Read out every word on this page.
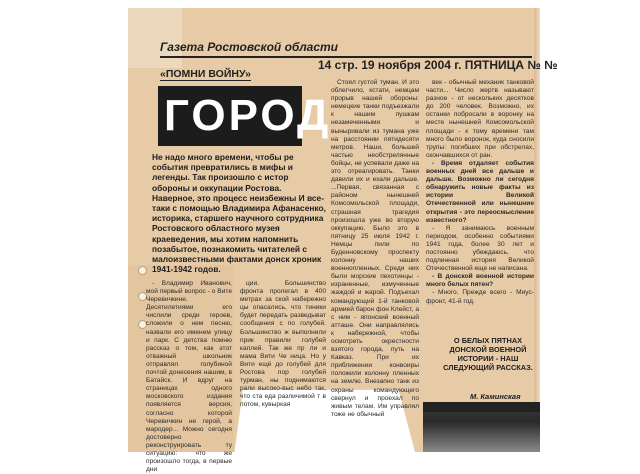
Газета Ростовской области
14 стр. 19 ноября 2004 г. ПЯТНИЦА № №
«ПОМНИ ВОЙНУ»
ГОРОД
Не надо много времени, чтобы ре события превратились в мифы и легенды. Так произошло с истор обороны и оккупации Ростова. Наверное, это процесс неизбежны И все-таки с помощью Владимира Афанасенко, историка, старшего научного сотрудника Ростовского областного музея краеведения, мы хотим напомнить позабытое, познакомить читателей с малоизвестными фактами донск хроник 1941-1942 годов.

- Владимир Иванович, мой первый вопрос - о Вите Черевичкине. Десятилетиями его числили среди героев, сложили о нем песню, назвали его именем улицу и парк. С детства помню рассказ о том, как этот отважный школьник отправлял голубиной почтой донесения нашим, в Батайск. И вдруг на страницах одного московского издания появляется версия, согласно которой Черевичкин не герой, а мародер... Можно сегодня достоверно реконструировать ту ситуацию: что же произошло тогда, в первые дни

ции. Большинство фронта пролегал в 400 метрах за ской набережно цы опасались, что тиники будет передать разведыват сообщения с по голубей. Большинство ж выполнили прик правили голубей каплей. Так же пр ли и мама Вити Че ница. Но у Вити ещё до голубей для Ростова пор голубей турман, ны поднимаются рали высоко-выс небо так, что ста еда различимой т в потом, кувыркая

Стоял густой туман. И это облегчило, кстати, немцам прорыв нашей обороны: немецкие танки подъезжали к нашим пушкам незамеченными и выныривали из тумана уже на расстоянии пятидесяти метров. Наши, большей частью необстрелянные бойцы, не успевали даже на это отреагировать. Танки давили их и ехали дальше. ...Первая, связанная с районом нынешней Комсомольской площади, страшная трагедия произошла уже во вторую оккупацию. Было это в пятницу 25 июля 1942 г. Немцы пили по Буденновскому проспекту колонну наших военнопленных. Среди них были морские пехотинцы - израненные, измученные жаждой и жарой. Подъехал командующий 1-й танковой армией барон фон Клейст, а с ним - японский военный атташе. Они направлялись к набережной, чтобы осмотреть окрестности взятого города, путь на Кавказ. При их приближении конвоиры положили колонну пленных на землю. Внезапно танк из охраны командующего свернул и проехал по живым телам. Им управлял тоже не обычный

век - обычный механик танковой части... Число жертв называют разное - от нескольких десятков до 200 человек. Возможно, их останки побросали в воронку на месте нынешней Комсомольской площади - к тому времени там много было воронок, куда сносили трупы: погибших при обстрелах, скончавшихся от ран.

- Время отдаляет события военных дней все дальше и дальше. Возможно ли сегодня обнаружить новые факты из истории Великой Отечественной или нынешние открытия - это переосмысление известного?

- Я занимаюсь военным периодом, особенно событиями 1941 года, более 30 лет и постоянно убеждаюсь, что подлинная история Великой Отечественной еще не написана.

- В донской военной истории много белых пятен?

- Много. Прежде всего - Миус-фронт, 41-й год.

О БЕЛЫХ ПЯТНАХ ДОНСКОЙ ВОЕННОЙ ИСТОРИИ - НАШ СЛЕДУЮЩИЙ РАССКАЗ.
М. Каминская
